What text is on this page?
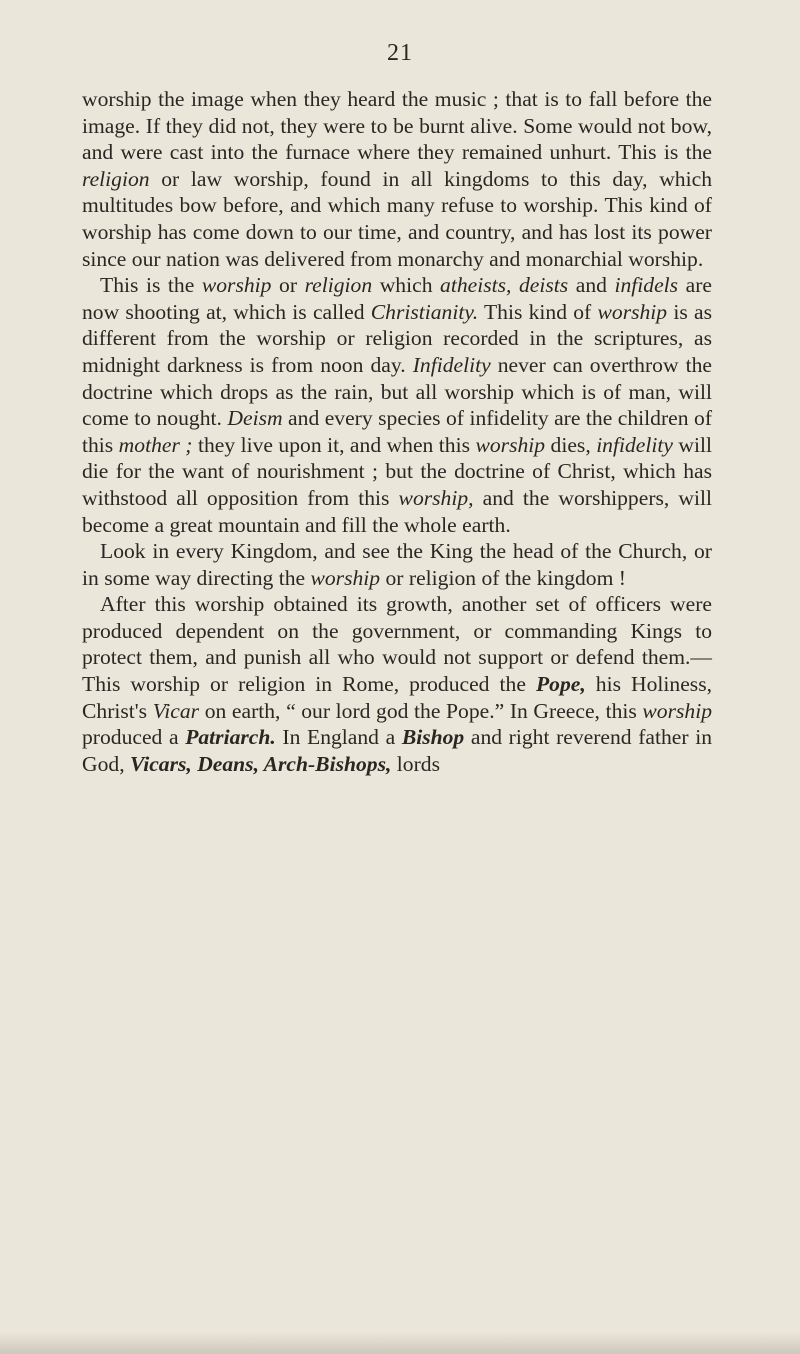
21

worship the image when they heard the music ; that is to fall before the image. If they did not, they were to be burnt alive. Some would not bow, and were cast into the furnace where they remained unhurt. This is the religion or law worship, found in all kingdoms to this day, which multitudes bow before, and which many refuse to worship. This kind of worship has come down to our time, and country, and has lost its power since our nation was delivered from monarchy and monarchial worship.

This is the worship or religion which atheists, deists and infidels are now shooting at, which is called Christianity. This kind of worship is as different from the worship or religion recorded in the scriptures, as midnight darkness is from noon day. Infidelity never can overthrow the doctrine which drops as the rain, but all worship which is of man, will come to nought. Deism and every species of infidelity are the children of this mother ; they live upon it, and when this worship dies, infidelity will die for the want of nourishment ; but the doctrine of Christ, which has withstood all opposition from this worship, and the worshippers, will become a great mountain and fill the whole earth.

Look in every Kingdom, and see the King the head of the Church, or in some way directing the worship or religion of the kingdom !

After this worship obtained its growth, another set of officers were produced dependent on the government, or commanding Kings to protect them, and punish all who would not support or defend them.— This worship or religion in Rome, produced the Pope, his Holiness, Christ's Vicar on earth, “ our lord god the Pope.” In Greece, this worship produced a Patriarch. In England a Bishop and right reverend father in God, Vicars, Deans, Arch-Bishops, lords
